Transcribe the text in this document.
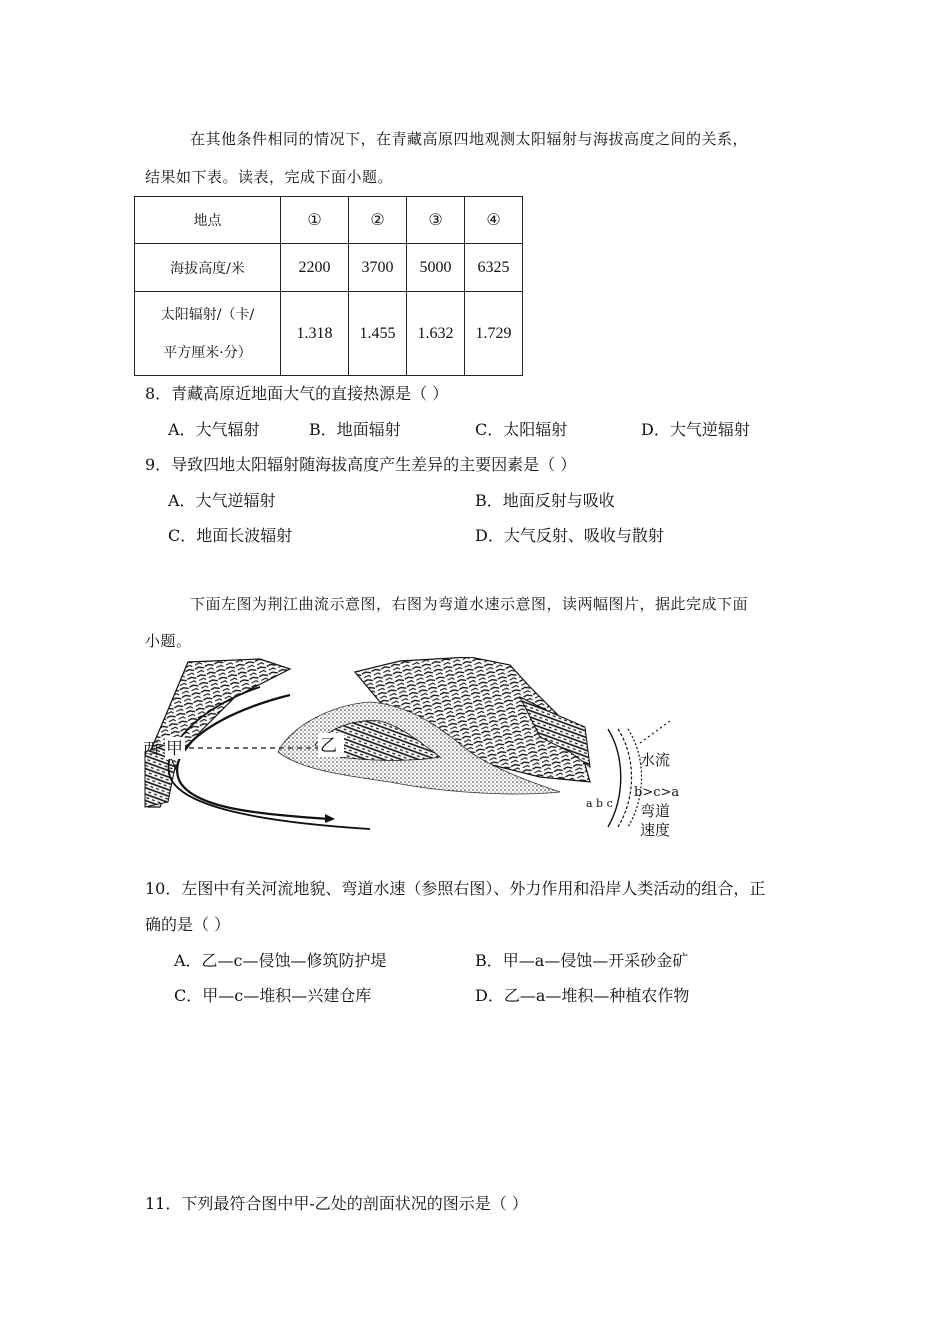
在其他条件相同的情况下，在青藏高原四地观测太阳辐射与海拔高度之间的关系，
结果如下表。读表，完成下面小题。
地点	①	②	③	④
海拔高度/米	2200	3700	5000	6325

太阳辐射/（卡/
平方厘米·分）	1.318	1.455	1.632	1.729
8．青藏高原近地面大气的直接热源是（ ）
A．大气辐射	B．地面辐射	C．太阳辐射	D．大气逆辐射
9．导致四地太阳辐射随海拔高度产生差异的主要因素是（ ）
A．大气逆辐射	B．地面反射与吸收
C．地面长波辐射	D．大气反射、吸收与散射
下面左图为荆江曲流示意图，右图为弯道水速示意图，读两幅图片，据此完成下面
小题。
乙
甲
西
a b c
水流
b>c>a
弯道
速度
10．左图中有关河流地貌、弯道水速（参照右图）、外力作用和沿岸人类活动的组合，正
确的是（ ）
A．乙—c—侵蚀—修筑防护堤	B．甲—a—侵蚀—开采砂金矿
C．甲—c—堆积—兴建仓库	D．乙—a—堆积—种植农作物
11．下列最符合图中甲-乙处的剖面状况的图示是（ ）
